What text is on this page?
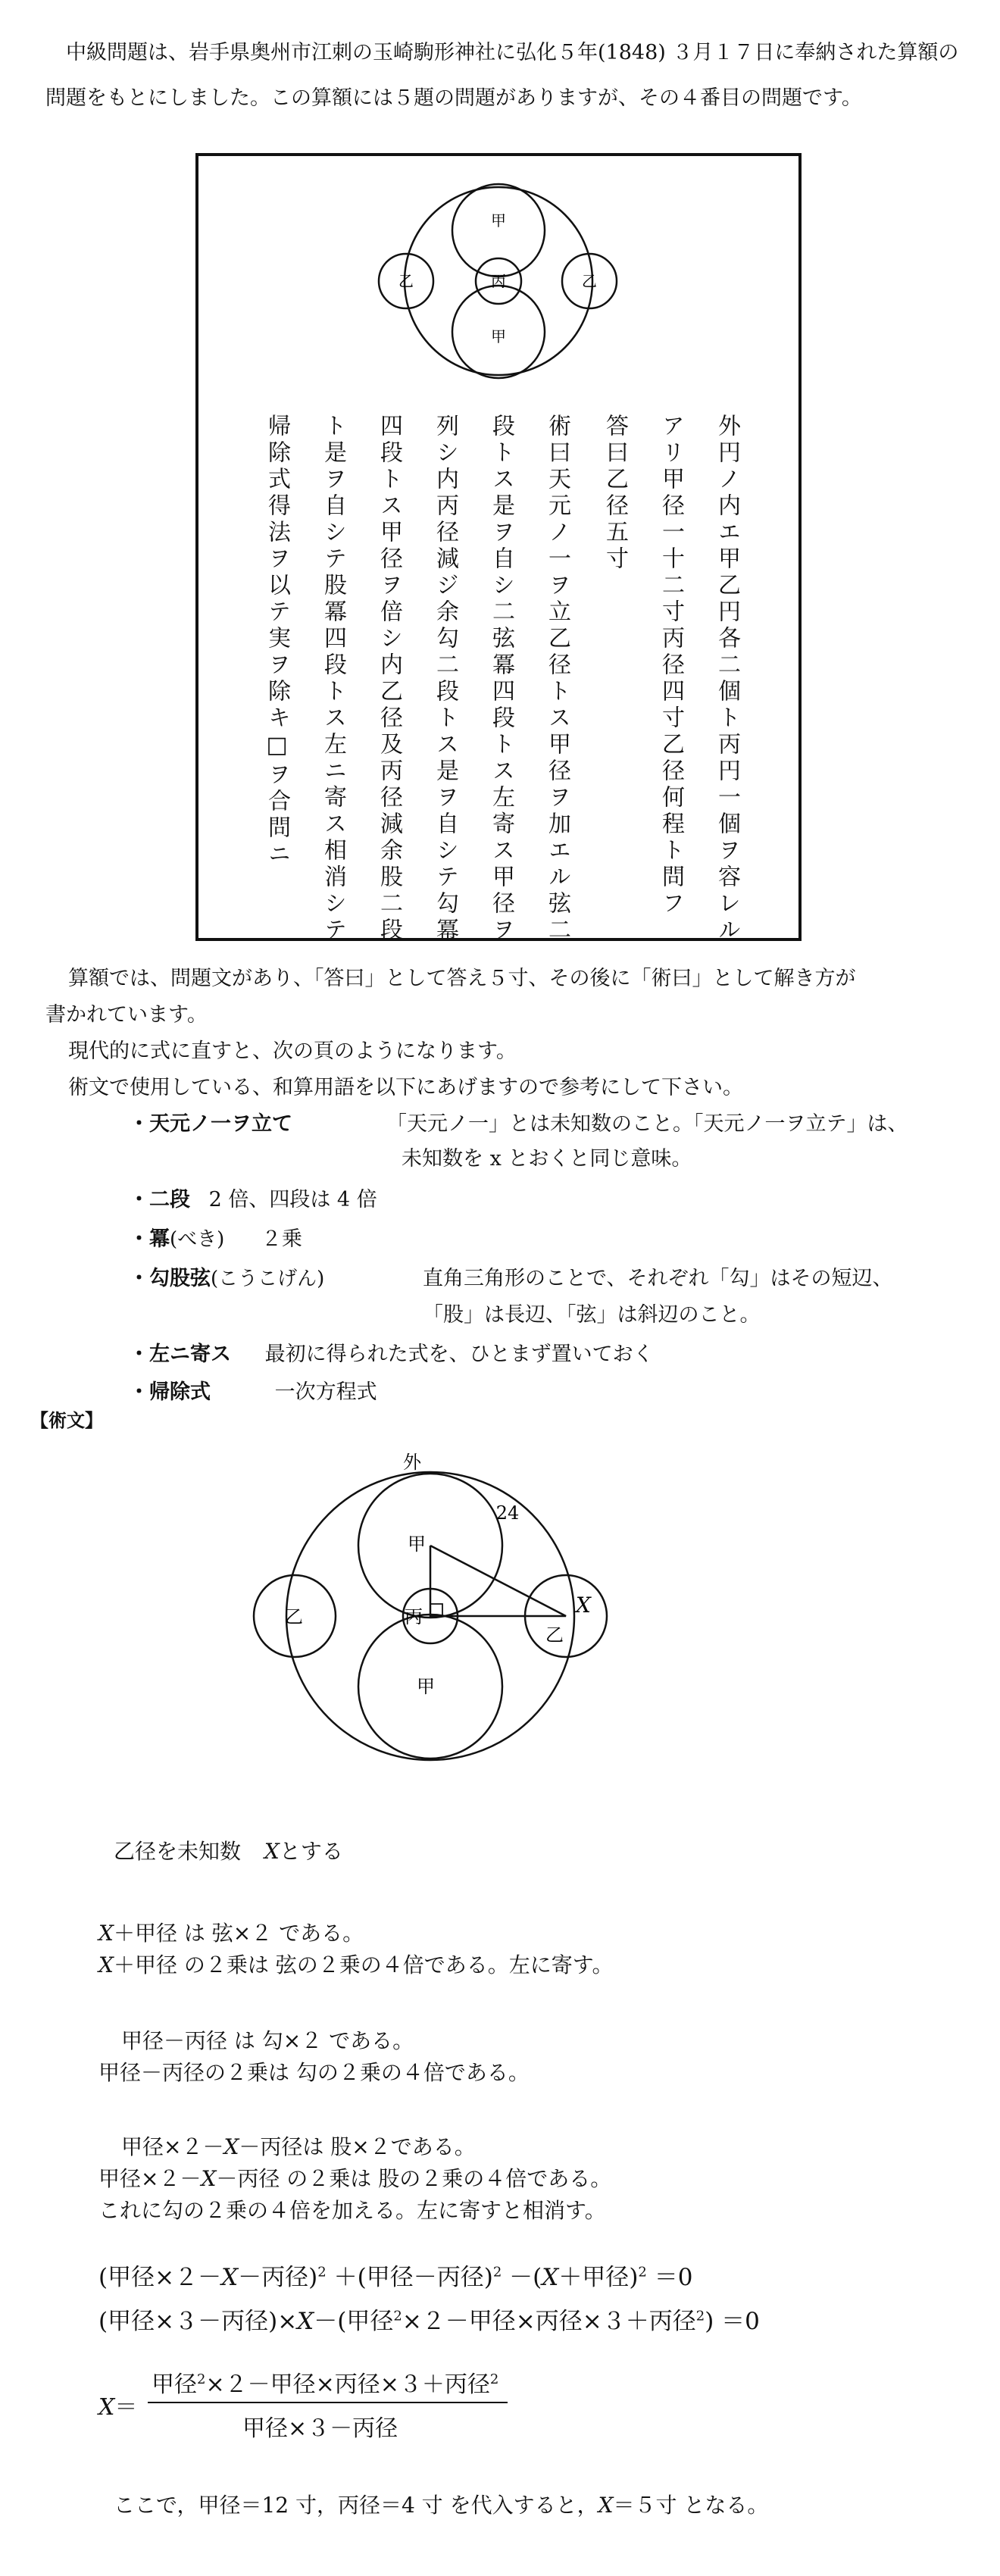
中級問題は、岩手県奥州市江刺の玉崎駒形神社に弘化５年(1848) ３月１７日に奉納された算額の問題をもとにしました。この算額には５題の問題がありますが、その４番目の問題です。

甲
甲
丙
乙	乙
外円ノ内エ甲乙円各二個ト丙円一個ヲ容レル
アリ甲径一十二寸丙径四寸乙径何程ト問フ
答曰乙径五寸
術曰天元ノ一ヲ立乙径トス甲径ヲ加エル弦二
段トス是ヲ自シ二弦冪四段トス左寄ス甲径ヲ
列シ内丙径減ジ余勾二段トス是ヲ自シテ勾冪
四段トス甲径ヲ倍シ内乙径及丙径減余股二段
ト是ヲ自シテ股冪四段トス左ニ寄ス相消シテ
帰除式得法ヲ以テ実ヲ除キ□ヲ合問ニ

算額では、問題文があり、「答曰」として答え５寸、その後に「術曰」として解き方が

書かれています。

現代的に式に直すと、次の頁のようになります。

術文で使用している、和算用語を以下にあげますので参考にして下さい。

・天元ノ一ヲ立て	「天元ノ一」とは未知数のこと。「天元ノ一ヲ立テ」は、
未知数を x とおくと同じ意味。
・二段 2 倍、四段は 4 倍
・冪(べき) ２乗
・勾股弦(こうこげん)	直角三角形のことで、それぞれ「勾」はその短辺、
「股」は長辺、「弦」は斜辺のこと。
・左ニ寄ス 最初に得られた式を、ひとまず置いておく
・帰除式	一次方程式
【術文】
外
24
甲
丙
乙
乙
X
甲
乙径を未知数 Xとする
X＋甲径 は 弦×２ である。
X＋甲径 の２乗は 弦の２乗の４倍である。左に寄す。
甲径－丙径 は 勾×２ である。
甲径－丙径の２乗は 勾の２乗の４倍である。
甲径×２－X－丙径は 股×２である。
甲径×２－X－丙径 の２乗は 股の２乗の４倍である。
これに勾の２乗の４倍を加える。左に寄すと相消す。
(甲径×２－X－丙径)$^2$ ＋(甲径－丙径)$^2$ －(X＋甲径)$^2$ ＝0
(甲径×３－丙径)×X－(甲径$^2$×２－甲径×丙径×３＋丙径$^2$) ＝0
X＝
甲径$^2$×２－甲径×丙径×３＋丙径$^2$
甲径×３－丙径
ここで，甲径＝12 寸，丙径＝4 寸 を代入すると，X＝５寸 となる。
